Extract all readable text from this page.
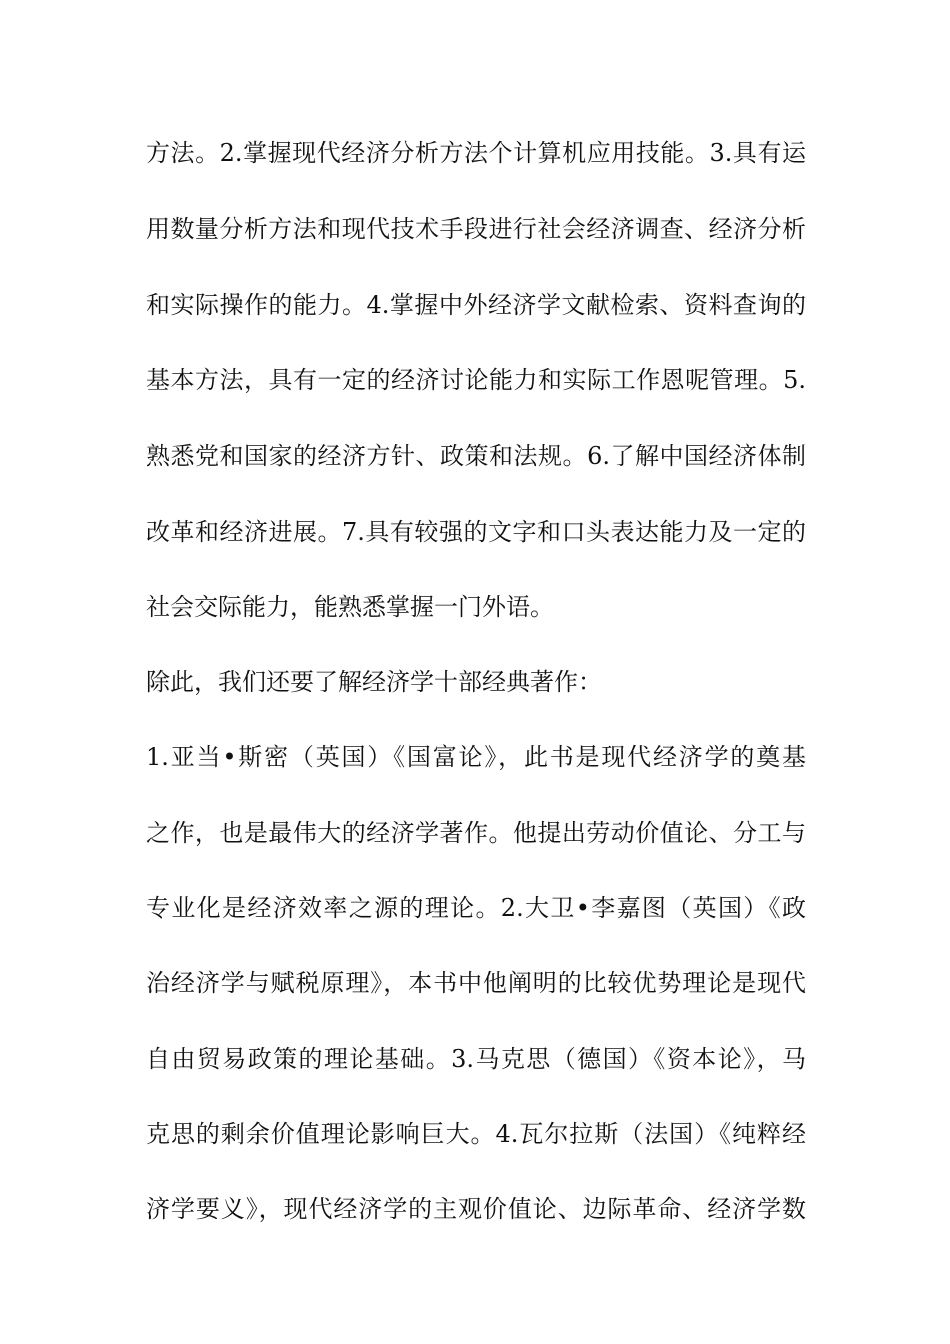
方法。2.掌握现代经济分析方法个计算机应用技能。3.具有运
用数量分析方法和现代技术手段进行社会经济调查、经济分析
和实际操作的能力。4.掌握中外经济学文献检索、资料查询的
基本方法，具有一定的经济讨论能力和实际工作恩呢管理。5.
熟悉党和国家的经济方针、政策和法规。6.了解中国经济体制
改革和经济进展。7.具有较强的文字和口头表达能力及一定的
社会交际能力，能熟悉掌握一门外语。
除此，我们还要了解经济学十部经典著作：
1.亚当•斯密（英国）《国富论》，此书是现代经济学的奠基
之作，也是最伟大的经济学著作。他提出劳动价值论、分工与
专业化是经济效率之源的理论。2.大卫•李嘉图（英国）《政
治经济学与赋税原理》，本书中他阐明的比较优势理论是现代
自由贸易政策的理论基础。3.马克思（德国）《资本论》，马
克思的剩余价值理论影响巨大。4.瓦尔拉斯（法国）《纯粹经
济学要义》，现代经济学的主观价值论、边际革命、经济学数
